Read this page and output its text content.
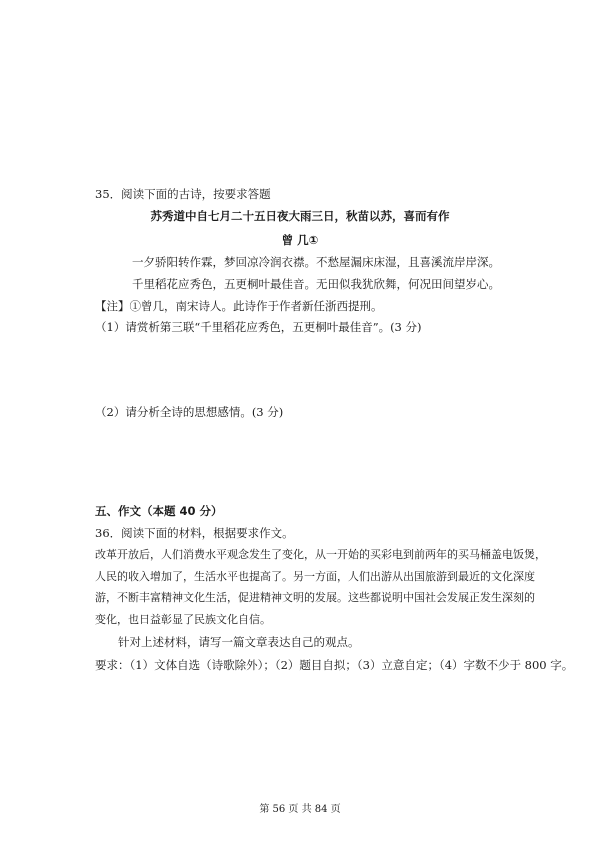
35．阅读下面的古诗，按要求答题
苏秀道中自七月二十五日夜大雨三日，秋苗以苏，喜而有作
曾 几①
一夕骄阳转作霖，梦回凉冷润衣襟。不愁屋漏床床湿，且喜溪流岸岸深。
千里稻花应秀色，五更桐叶最佳音。无田似我犹欣舞，何况田间望岁心。
【注】①曾几，南宋诗人。此诗作于作者新任浙西提刑。
（1）请赏析第三联“千里稻花应秀色，五更桐叶最佳音”。(3 分)
（2）请分析全诗的思想感情。(3 分)
五、作文（本题 40 分）
36．阅读下面的材料，根据要求作文。
改革开放后，人们消费水平观念发生了变化，从一开始的买彩电到前两年的买马桶盖电饭煲，
人民的收入增加了，生活水平也提高了。另一方面，人们出游从出国旅游到最近的文化深度
游，不断丰富精神文化生活，促进精神文明的发展。这些都说明中国社会发展正发生深刻的
变化，也日益彰显了民族文化自信。
针对上述材料，请写一篇文章表达自己的观点。
要求：（1）文体自选（诗歌除外）；（2）题目自拟；（3）立意自定；（4）字数不少于 800 字。
第 56 页 共 84 页
